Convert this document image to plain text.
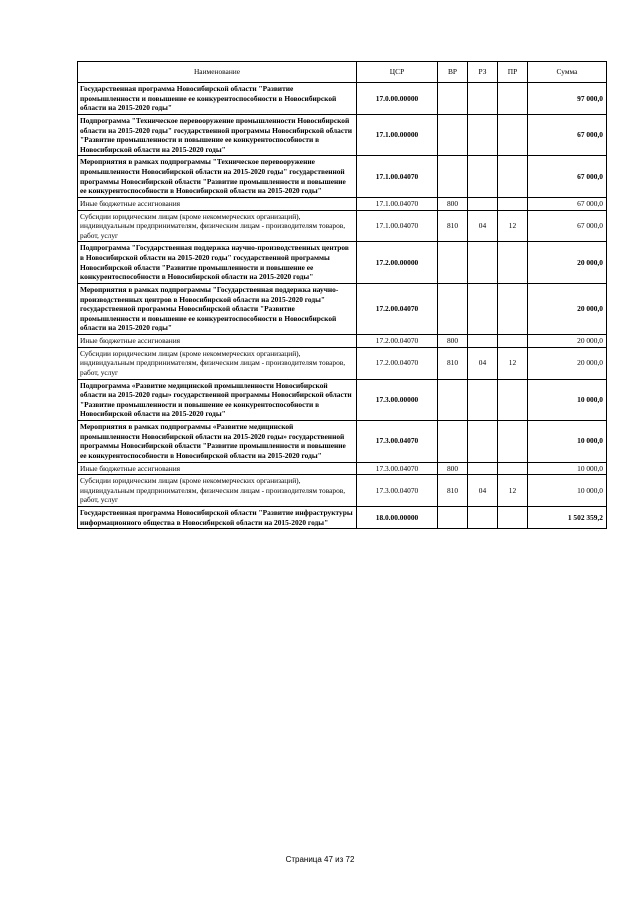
Наименование	ЦСР	ВР	РЗ	ПР	Сумма
Государственная программа Новосибирской области "Развитие промышленности и повышение ее конкурентоспособности в Новосибирской области на 2015-2020 годы"	17.0.00.00000				97 000,0
Подпрограмма "Техническое перевооружение промышленности Новосибирской области на 2015-2020 годы" государственной программы Новосибирской области "Развитие промышленности и повышение ее конкурентоспособности в Новосибирской области на 2015-2020 годы"	17.1.00.00000				67 000,0
Мероприятия в рамках подпрограммы "Техническое перевооружение промышленности Новосибирской области на 2015-2020 годы" государственной программы Новосибирской области "Развитие промышленности и повышение ее конкурентоспособности в Новосибирской области на 2015-2020 годы"	17.1.00.04070				67 000,0
Иные бюджетные ассигнования	17.1.00.04070	800			67 000,0
Субсидии юридическим лицам (кроме некоммерческих организаций), индивидуальным предпринимателям, физическим лицам - производителям товаров, работ, услуг	17.1.00.04070	810	04	12	67 000,0
Подпрограмма "Государственная поддержка научно-производственных центров в Новосибирской области на 2015-2020 годы" государственной программы Новосибирской области "Развитие промышленности и повышение ее конкурентоспособности в Новосибирской области на 2015-2020 годы"	17.2.00.00000				20 000,0
Мероприятия в рамках подпрограммы "Государственная поддержка научно-производственных центров в Новосибирской области на 2015-2020 годы" государственной программы Новосибирской области "Развитие промышленности и повышение ее конкурентоспособности в Новосибирской области на 2015-2020 годы"	17.2.00.04070				20 000,0
Иные бюджетные ассигнования	17.2.00.04070	800			20 000,0
Субсидии юридическим лицам (кроме некоммерческих организаций), индивидуальным предпринимателям, физическим лицам - производителям товаров, работ, услуг	17.2.00.04070	810	04	12	20 000,0
Подпрограмма «Развитие медицинской промышленности Новосибирской области на 2015-2020 годы» государственной программы Новосибирской области "Развитие промышленности и повышение ее конкурентоспособности в Новосибирской области на 2015-2020 годы"	17.3.00.00000				10 000,0
Мероприятия в рамках подпрограммы «Развитие медицинской промышленности Новосибирской области на 2015-2020 годы» государственной программы Новосибирской области "Развитие промышленности и повышение ее конкурентоспособности в Новосибирской области на 2015-2020 годы"	17.3.00.04070				10 000,0
Иные бюджетные ассигнования	17.3.00.04070	800			10 000,0
Субсидии юридическим лицам (кроме некоммерческих организаций), индивидуальным предпринимателям, физическим лицам - производителям товаров, работ, услуг	17.3.00.04070	810	04	12	10 000,0
Государственная программа Новосибирской области "Развитие инфраструктуры информационного общества в Новосибирской области на 2015-2020 годы"	18.0.00.00000				1 502 359,2
Страница 47 из 72
